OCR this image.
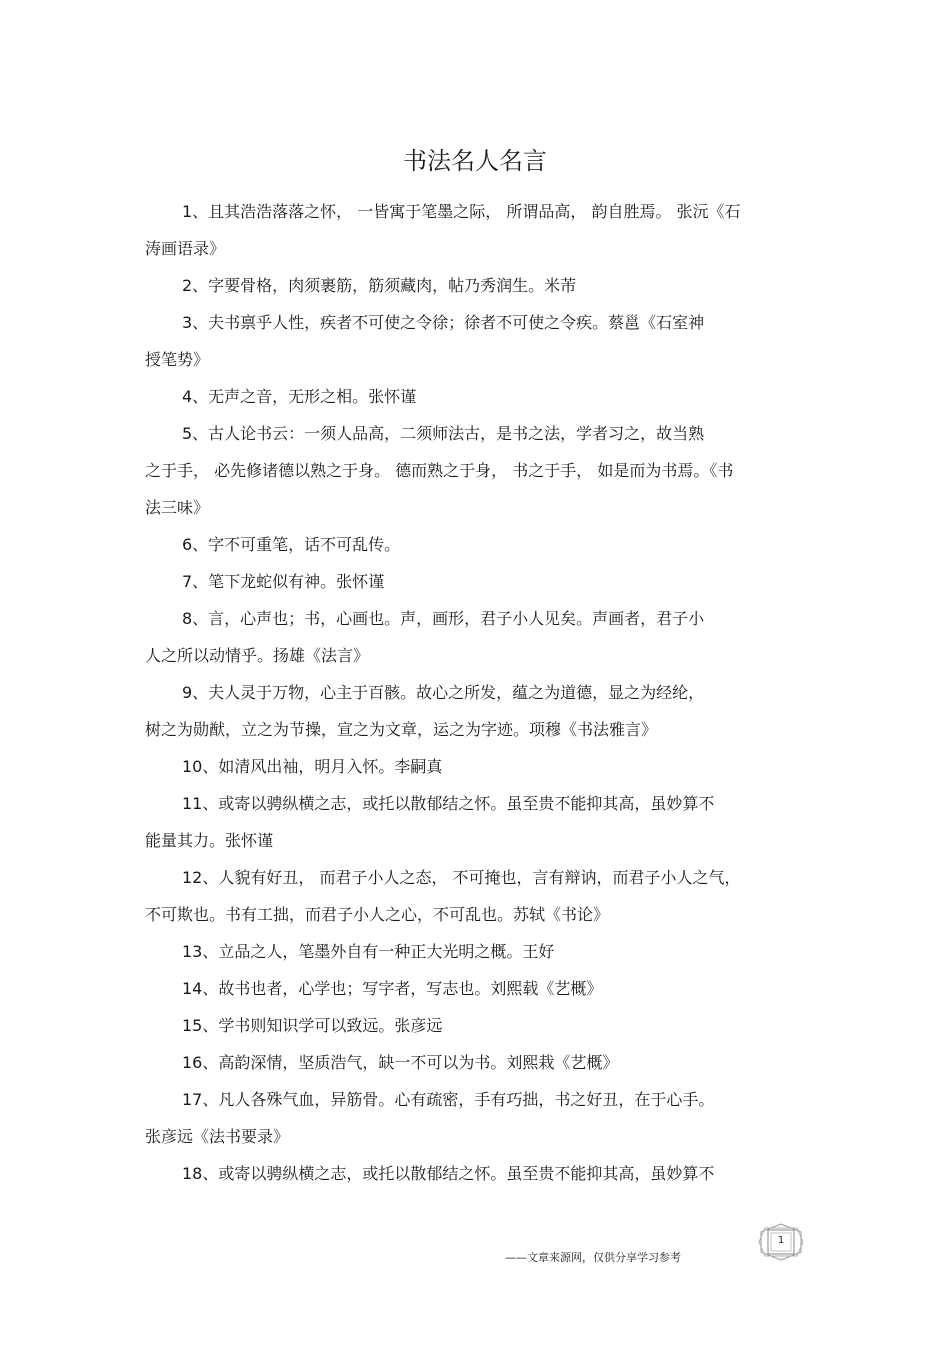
书法名人名言

1、且其浩浩落落之怀， 一皆寓于笔墨之际， 所谓品高， 韵自胜焉。 张沅《石
涛画语录》

2、字要骨格，肉须裹筋，筋须藏肉，帖乃秀润生。米芾

3、夫书禀乎人性，疾者不可使之令徐；徐者不可使之令疾。蔡邕《石室神
授笔势》

4、无声之音，无形之相。张怀谨

5、古人论书云：一须人品高，二须师法古，是书之法，学者习之，故当熟
之于手， 必先修诸德以熟之于身。 德而熟之于身， 书之于手， 如是而为书焉。《书
法三味》

6、字不可重笔，话不可乱传。

7、笔下龙蛇似有神。张怀谨

8、言，心声也；书，心画也。声，画形，君子小人见矣。声画者，君子小
人之所以动情乎。扬雄《法言》

9、夫人灵于万物，心主于百骸。故心之所发，蕴之为道德，显之为经纶，
树之为勋猷，立之为节操，宣之为文章，运之为字迹。项穆《书法雅言》

10、如清风出袖，明月入怀。李嗣真

11、或寄以骋纵横之志，或托以散郁结之怀。虽至贵不能抑其高，虽妙算不
能量其力。张怀谨

12、人貌有好丑， 而君子小人之态， 不可掩也，言有辩讷，而君子小人之气，
不可欺也。书有工拙，而君子小人之心，不可乱也。苏轼《书论》

13、立品之人，笔墨外自有一种正大光明之概。王好

14、故书也者，心学也；写字者，写志也。刘熙载《艺概》

15、学书则知识学可以致远。张彦远

16、高韵深情，坚质浩气，缺一不可以为书。刘熙栽《艺概》

17、凡人各殊气血，异筋骨。心有疏密，手有巧拙，书之好丑，在于心手。
张彦远《法书要录》

18、或寄以骋纵横之志，或托以散郁结之怀。虽至贵不能抑其高，虽妙算不

——文章来源网，仅供分享学习参考
1
